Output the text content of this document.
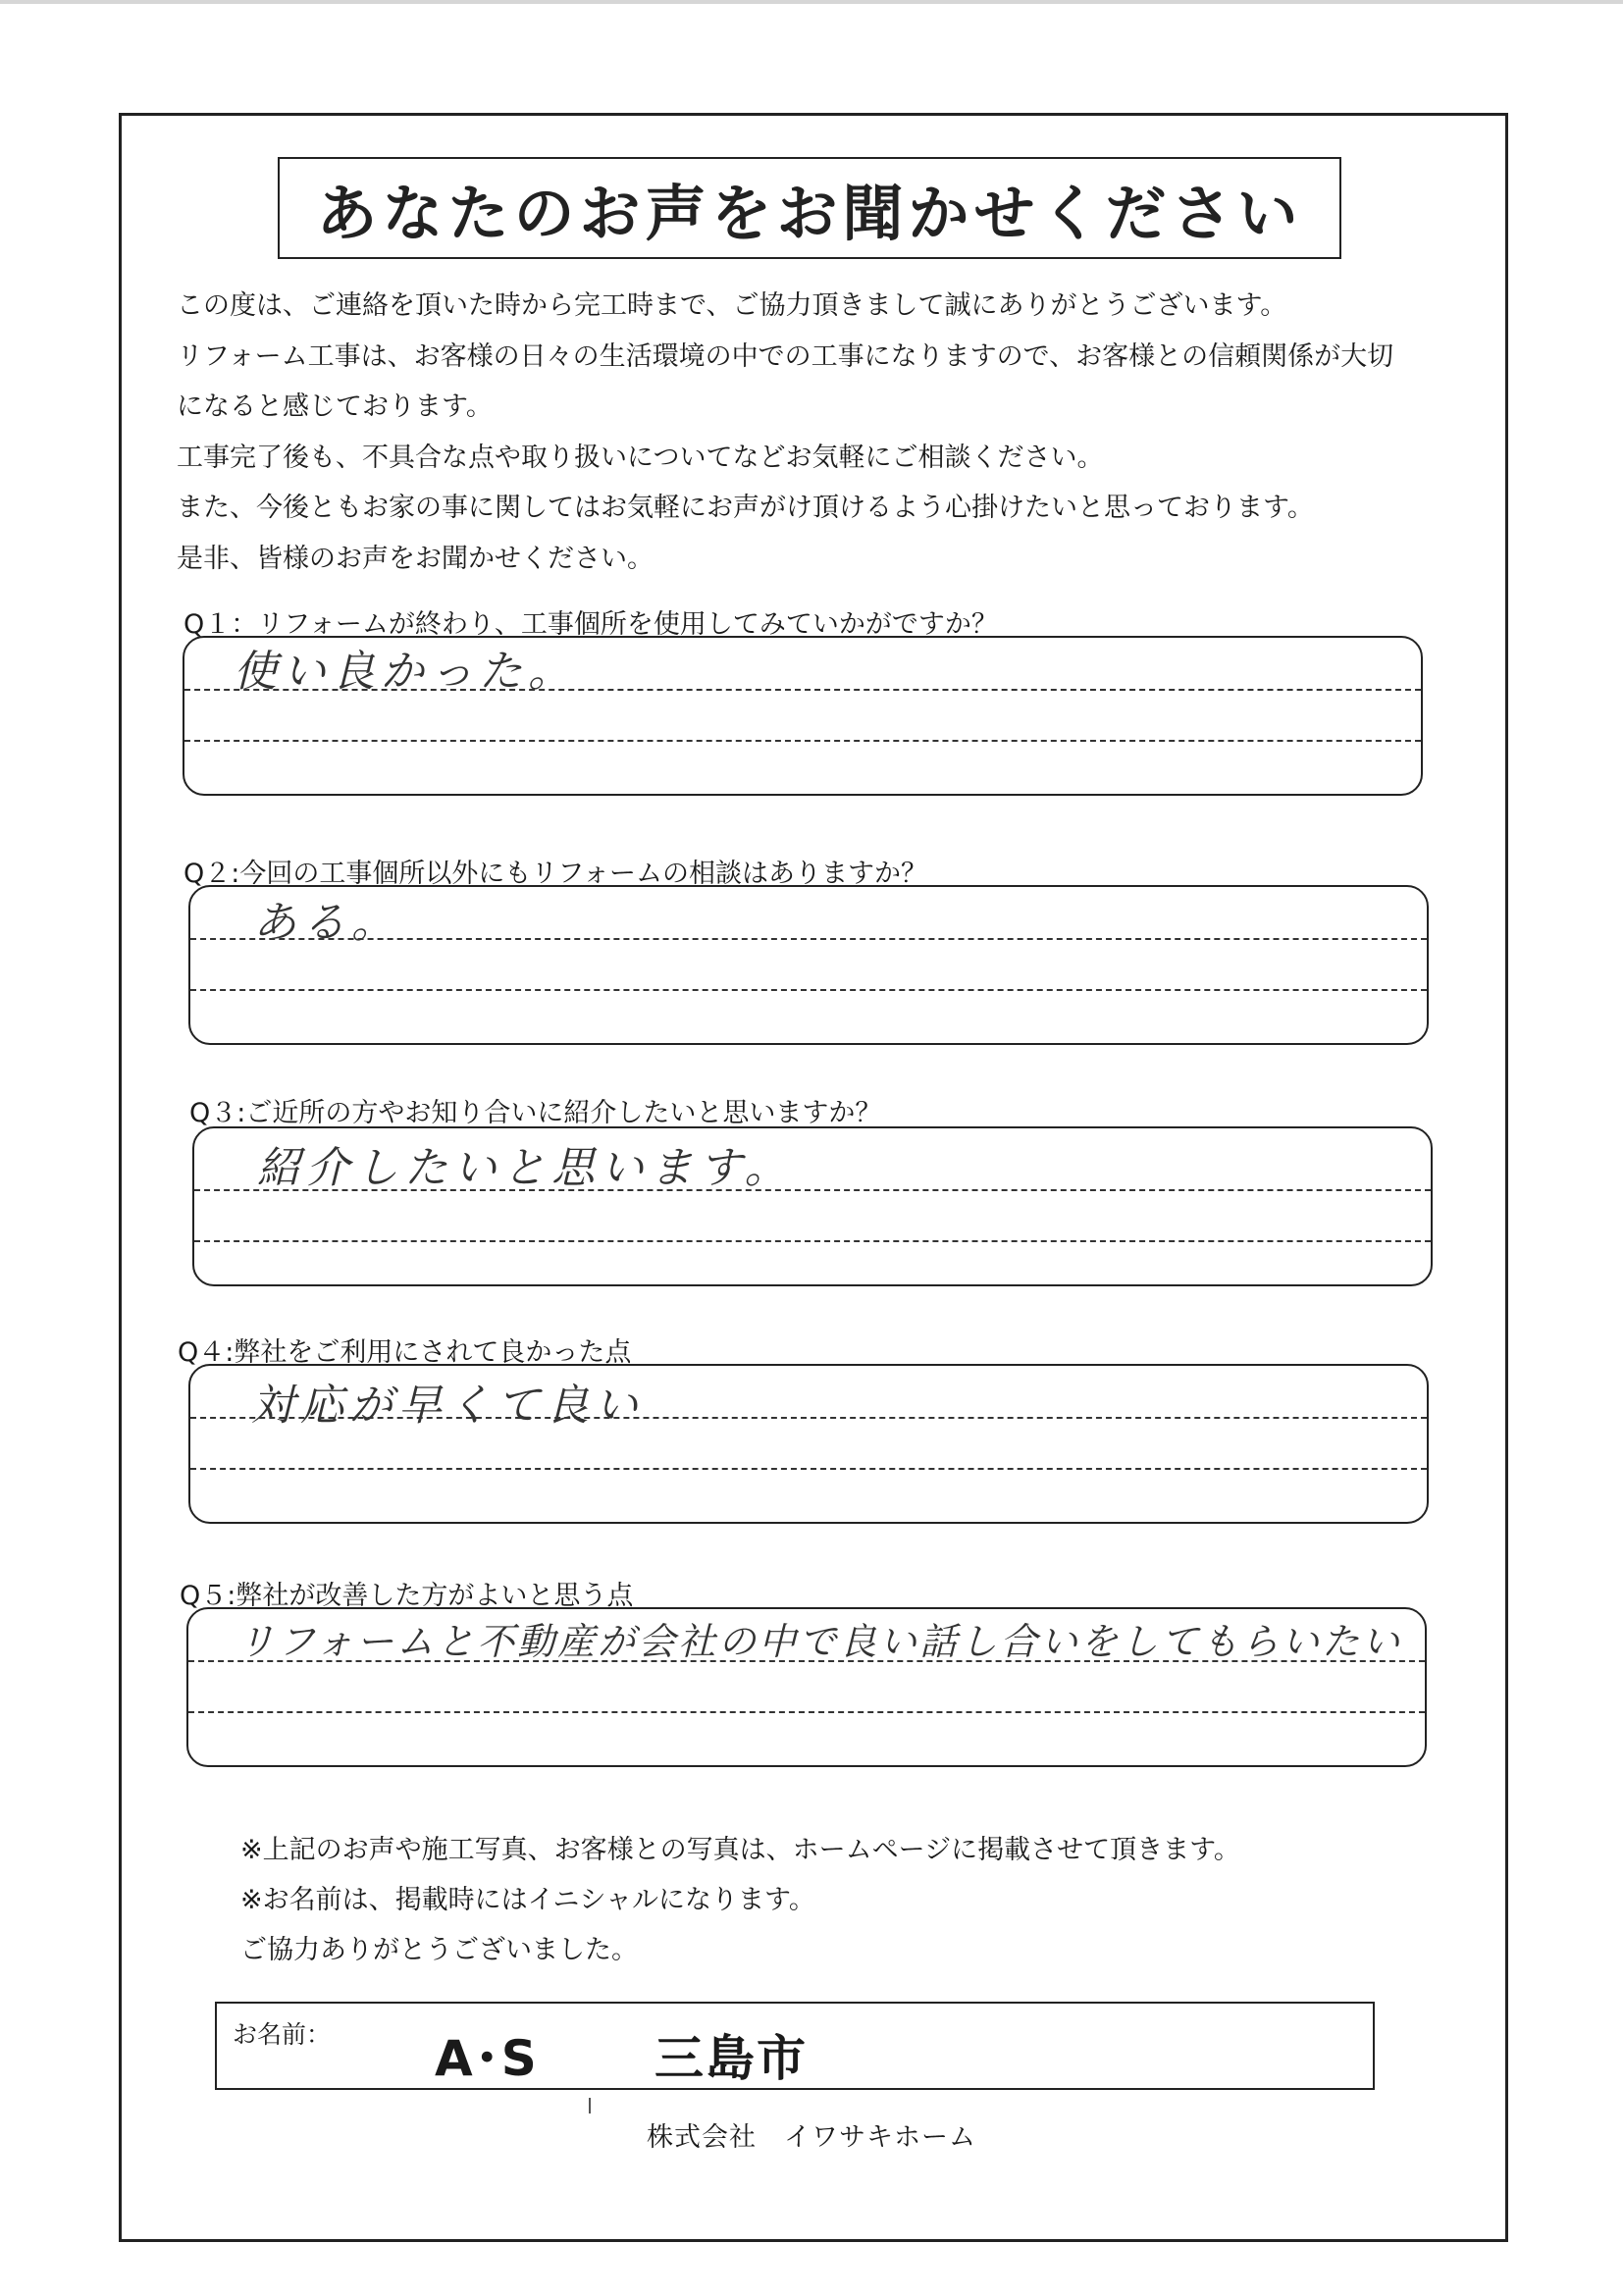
あなたのお声をお聞かせください
この度は、ご連絡を頂いた時から完工時まで、ご協力頂きまして誠にありがとうございます。
リフォーム工事は、お客様の日々の生活環境の中での工事になりますので、お客様との信頼関係が大切
になると感じております。
工事完了後も、不具合な点や取り扱いについてなどお気軽にご相談ください。
また、今後ともお家の事に関してはお気軽にお声がけ頂けるよう心掛けたいと思っております。
是非、皆様のお声をお聞かせください。
Q１：リフォームが終わり、工事個所を使用してみていかがですか？
使い良かった。
Q２:今回の工事個所以外にもリフォームの相談はありますか？
ある。
Q３:ご近所の方やお知り合いに紹介したいと思いますか？
紹介したいと思います。
Q４:弊社をご利用にされて良かった点
対応が早くて良い
Q５:弊社が改善した方がよいと思う点
リフォームと不動産が会社の中で良い話し合いをしてもらいたい
※上記のお声や施工写真、お客様との写真は、ホームページに掲載させて頂きます。
※お名前は、掲載時にはイニシャルになります。
ご協力ありがとうございました。
お名前： A･S 三島市
株式会社 イワサキホーム
